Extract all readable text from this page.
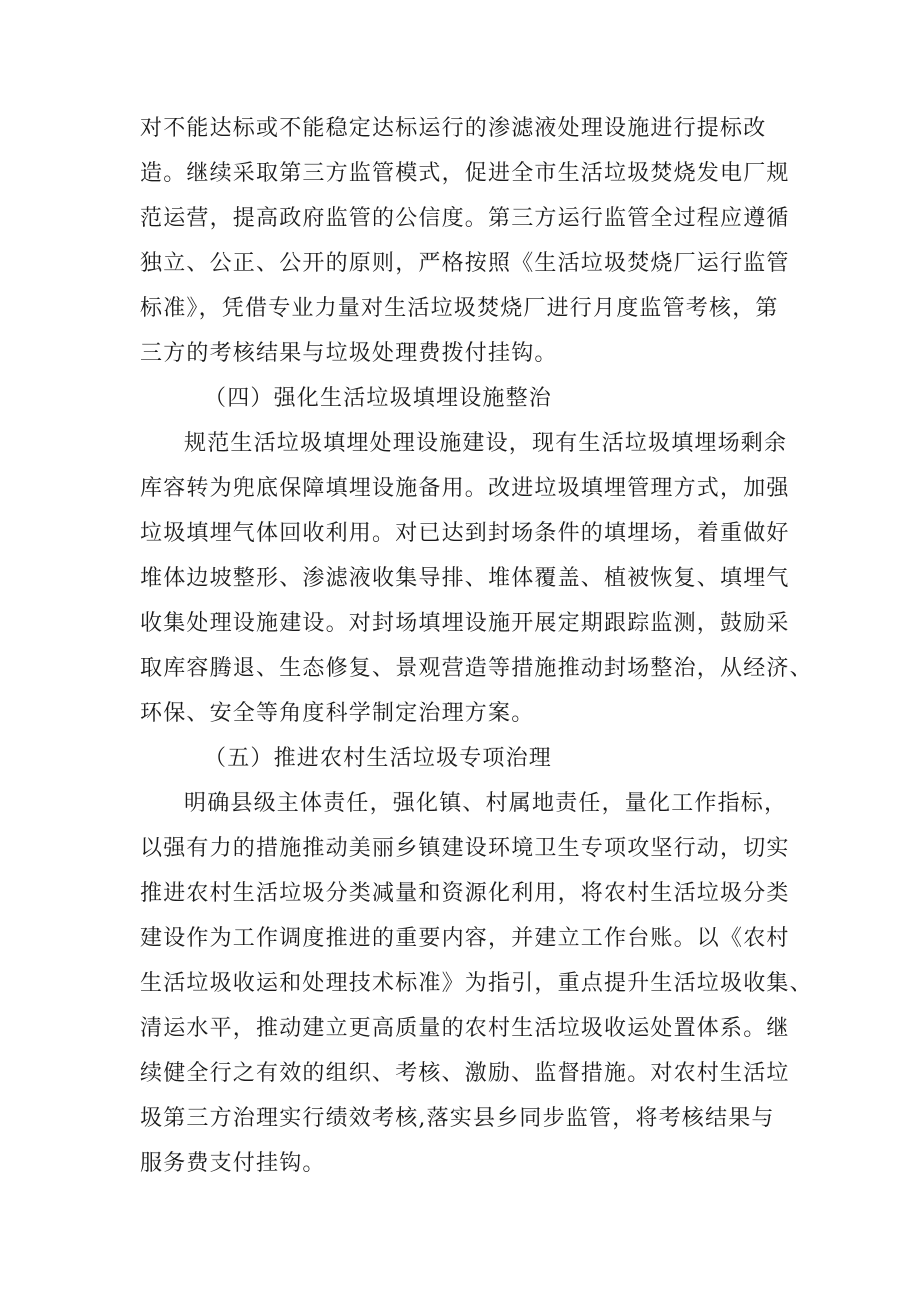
对不能达标或不能稳定达标运行的渗滤液处理设施进行提标改
造。继续采取第三方监管模式，促进全市生活垃圾焚烧发电厂规
范运营，提高政府监管的公信度。第三方运行监管全过程应遵循
独立、公正、公开的原则，严格按照《生活垃圾焚烧厂运行监管
标准》，凭借专业力量对生活垃圾焚烧厂进行月度监管考核，第
三方的考核结果与垃圾处理费拨付挂钩。
（四）强化生活垃圾填埋设施整治
规范生活垃圾填埋处理设施建设，现有生活垃圾填埋场剩余
库容转为兜底保障填埋设施备用。改进垃圾填埋管理方式，加强
垃圾填埋气体回收利用。对已达到封场条件的填埋场，着重做好
堆体边坡整形、渗滤液收集导排、堆体覆盖、植被恢复、填埋气
收集处理设施建设。对封场填埋设施开展定期跟踪监测，鼓励采
取库容腾退、生态修复、景观营造等措施推动封场整治，从经济、
环保、安全等角度科学制定治理方案。
（五）推进农村生活垃圾专项治理
明确县级主体责任，强化镇、村属地责任，量化工作指标，
以强有力的措施推动美丽乡镇建设环境卫生专项攻坚行动，切实
推进农村生活垃圾分类减量和资源化利用，将农村生活垃圾分类
建设作为工作调度推进的重要内容，并建立工作台账。以《农村
生活垃圾收运和处理技术标准》为指引，重点提升生活垃圾收集、
清运水平，推动建立更高质量的农村生活垃圾收运处置体系。继
续健全行之有效的组织、考核、激励、监督措施。对农村生活垃
圾第三方治理实行绩效考核,落实县乡同步监管，将考核结果与
服务费支付挂钩。
